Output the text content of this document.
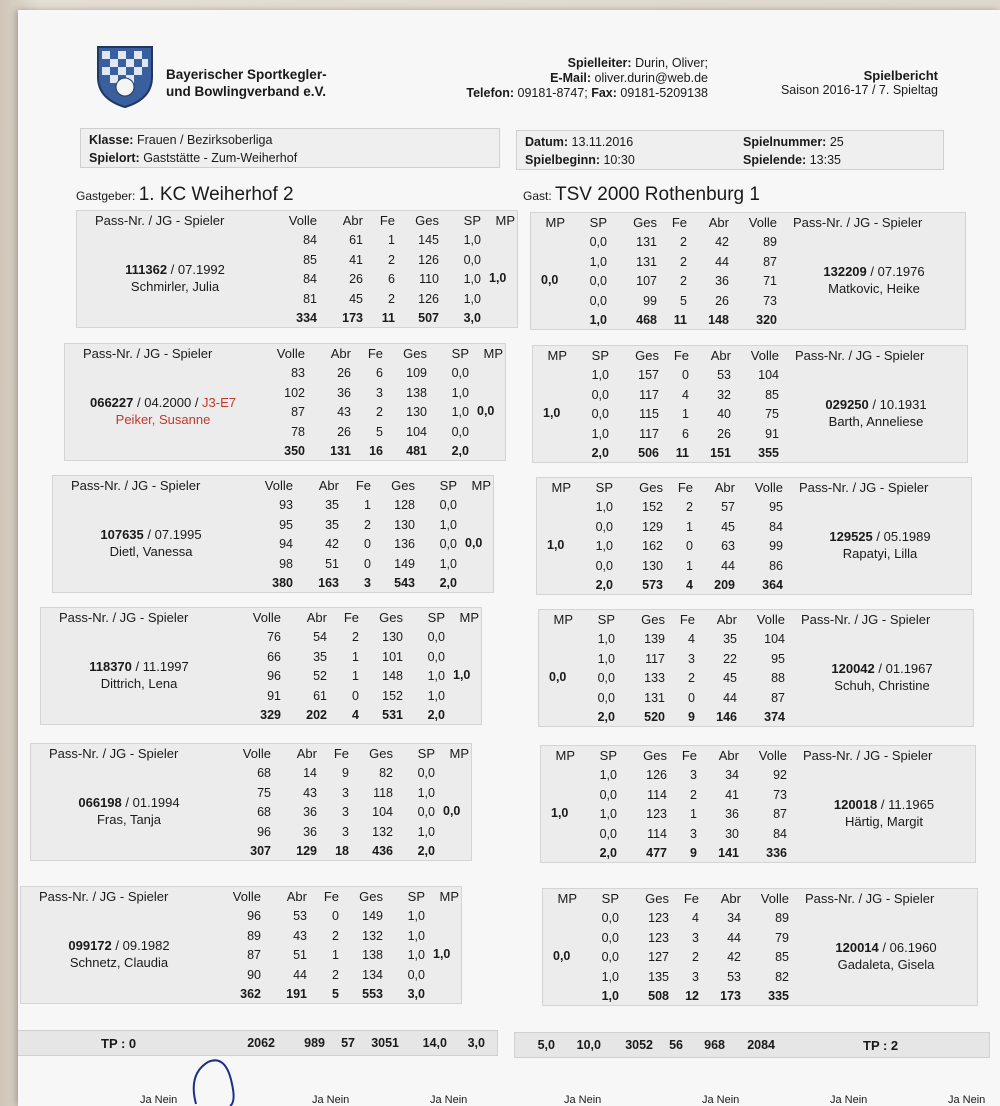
Bayerischer Sportkegler-
und Bowlingverband e.V.
Spielleiter: Durin, Oliver;
E-Mail: oliver.durin@web.de
Telefon: 09181-8747; Fax: 09181-5209138
Spielbericht
Saison 2016-17 / 7. Spieltag
Klasse: Frauen / Bezirksoberliga
Spielort: Gaststätte - Zum-Weiherhof
Datum: 13.11.2016
Spielbeginn: 10:30
Spielnummer: 25
Spielende: 13:35
Gastgeber: 1. KC Weiherhof 2	Gast: TSV 2000 Rothenburg 1
Pass-Nr. / JG - Spieler	Volle	Abr	Fe	Ges	SP	MP
84	61	1	145	1,0
85	41	2	126	0,0
84	26	6	110	1,0
81	45	2	126	1,0
334	173	11	507	3,0
1,0
111362 / 07.1992
Schmirler, Julia
MP	SP	Ges	Fe	Abr	Volle Pass-Nr. / JG - Spieler
0,0	131	2	42	89
1,0	131	2	44	87
0,0	107	2	36	71
0,0	99	5	26	73
1,0	468	11	148	320
0,0
132209 / 07.1976
Matkovic, Heike
Pass-Nr. / JG - Spieler	Volle	Abr	Fe	Ges	SP	MP
83	26	6	109	0,0
102	36	3	138	1,0
87	43	2	130	1,0
78	26	5	104	0,0
350	131	16	481	2,0
0,0
066227 / 04.2000 / J3-E7
Peiker, Susanne
MP	SP	Ges	Fe	Abr	Volle Pass-Nr. / JG - Spieler
1,0	157	0	53	104
0,0	117	4	32	85
0,0	115	1	40	75
1,0	117	6	26	91
2,0	506	11	151	355
1,0
029250 / 10.1931
Barth, Anneliese
Pass-Nr. / JG - Spieler	Volle	Abr	Fe	Ges	SP	MP
93	35	1	128	0,0
95	35	2	130	1,0
94	42	0	136	0,0
98	51	0	149	1,0
380	163	3	543	2,0
0,0
107635 / 07.1995
Dietl, Vanessa
MP	SP	Ges	Fe	Abr	Volle Pass-Nr. / JG - Spieler
1,0	152	2	57	95
0,0	129	1	45	84
1,0	162	0	63	99
0,0	130	1	44	86
2,0	573	4	209	364
1,0
129525 / 05.1989
Rapatyi, Lilla
Pass-Nr. / JG - Spieler	Volle	Abr	Fe	Ges	SP	MP
76	54	2	130	0,0
66	35	1	101	0,0
96	52	1	148	1,0
91	61	0	152	1,0
329	202	4	531	2,0
1,0
118370 / 11.1997
Dittrich, Lena
MP	SP	Ges	Fe	Abr	Volle Pass-Nr. / JG - Spieler
1,0	139	4	35	104
1,0	117	3	22	95
0,0	133	2	45	88
0,0	131	0	44	87
2,0	520	9	146	374
0,0
120042 / 01.1967
Schuh, Christine
Pass-Nr. / JG - Spieler	Volle	Abr	Fe	Ges	SP	MP
68	14	9	82	0,0
75	43	3	118	1,0
68	36	3	104	0,0
96	36	3	132	1,0
307	129	18	436	2,0
0,0
066198 / 01.1994
Fras, Tanja
MP	SP	Ges	Fe	Abr	Volle Pass-Nr. / JG - Spieler
1,0	126	3	34	92
0,0	114	2	41	73
1,0	123	1	36	87
0,0	114	3	30	84
2,0	477	9	141	336
1,0
120018 / 11.1965
Härtig, Margit
Pass-Nr. / JG - Spieler	Volle	Abr	Fe	Ges	SP	MP
96	53	0	149	1,0
89	43	2	132	1,0
87	51	1	138	1,0
90	44	2	134	0,0
362	191	5	553	3,0
1,0
099172 / 09.1982
Schnetz, Claudia
MP	SP	Ges	Fe	Abr	Volle Pass-Nr. / JG - Spieler
0,0	123	4	34	89
0,0	123	3	44	79
0,0	127	2	42	85
1,0	135	3	53	82
1,0	508	12	173	335
0,0
120014 / 06.1960
Gadaleta, Gisela
TP : 0	2062	989	57	3051	14,0	3,0	5,0	10,0	3052	56	968	2084	TP : 2
Ja Nein	Ja Nein	Ja Nein	Ja Nein	Ja Nein	Ja Nein	Ja Nein
